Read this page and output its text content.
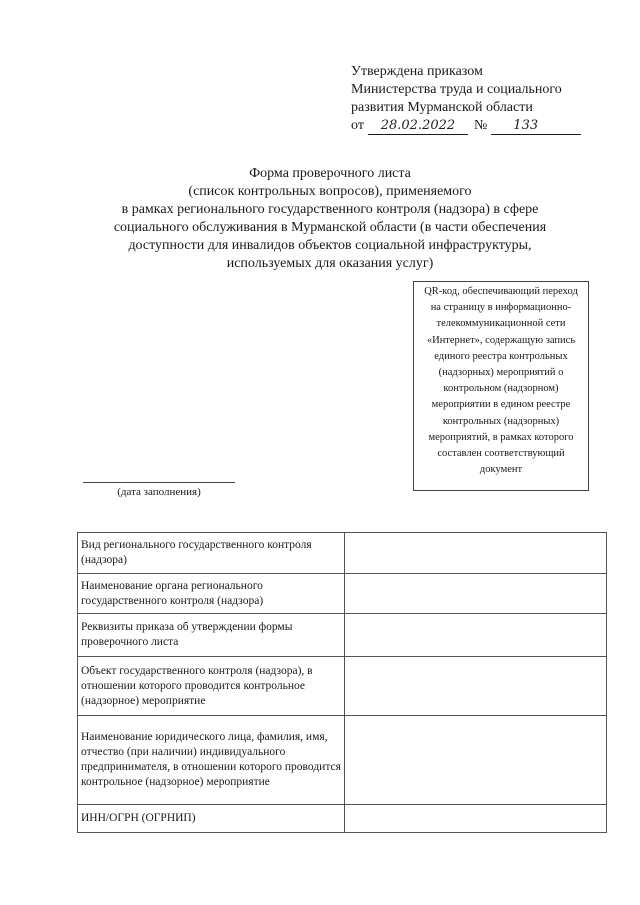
Утверждена приказом
Министерства труда и социального
развития Мурманской области
от	28.02.2022	№	133
Форма проверочного листа
(список контрольных вопросов), применяемого
в рамках регионального государственного контроля (надзора) в сфере
социального обслуживания в Мурманской области (в части обеспечения
доступности для инвалидов объектов социальной инфраструктуры,
используемых для оказания услуг)
QR-код, обеспечивающий переход на страницу в информационно-телекоммуникационной сети «Интернет», содержащую запись единого реестра контрольных (надзорных) мероприятий о контрольном (надзорном) мероприятии в едином реестре контрольных (надзорных) мероприятий, в рамках которого составлен соответствующий документ
(дата заполнения)
Вид регионального государственного контроля (надзора)	
Наименование органа регионального государственного контроля (надзора)	
Реквизиты приказа об утверждении формы проверочного листа	
Объект государственного контроля (надзора), в отношении которого проводится контрольное (надзорное) мероприятие	
Наименование юридического лица, фамилия, имя, отчество (при наличии) индивидуального предпринимателя, в отношении которого проводится контрольное (надзорное) мероприятие	
ИНН/ОГРН (ОГРНИП)	
